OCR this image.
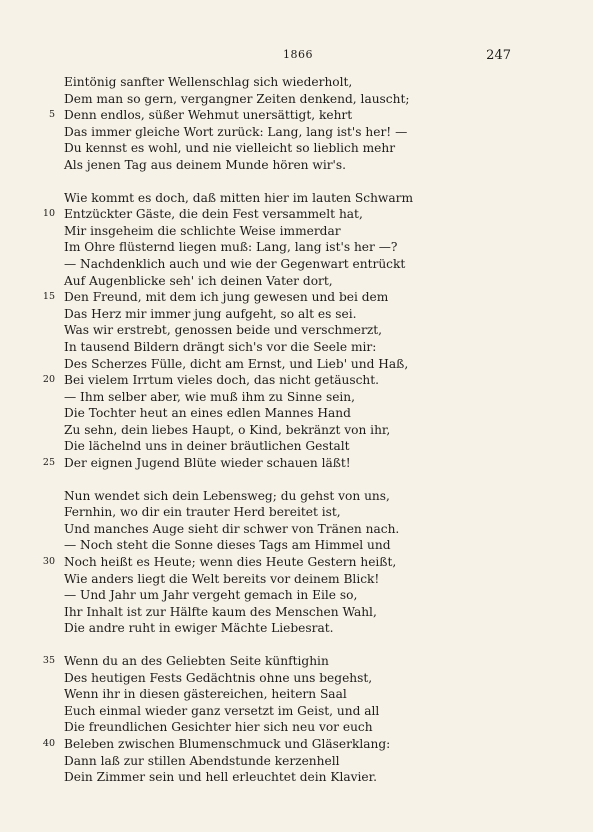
1866	247
Eintönig sanfter Wellenschlag sich wiederholt,
Dem man so gern, vergangner Zeiten denkend, lauscht;
5 Denn endlos, süßer Wehmut unersättigt, kehrt
Das immer gleiche Wort zurück: Lang, lang ist's her! —
Du kennst es wohl, und nie vielleicht so lieblich mehr
Als jenen Tag aus deinem Munde hören wir's.
Wie kommt es doch, daß mitten hier im lauten Schwarm
10 Entzückter Gäste, die dein Fest versammelt hat,
Mir insgeheim die schlichte Weise immerdar
Im Ohre flüsternd liegen muß: Lang, lang ist's her —?
— Nachdenklich auch und wie der Gegenwart entrückt
Auf Augenblicke seh' ich deinen Vater dort,
15 Den Freund, mit dem ich jung gewesen und bei dem
Das Herz mir immer jung aufgeht, so alt es sei.
Was wir erstrebt, genossen beide und verschmerzt,
In tausend Bildern drängt sich's vor die Seele mir:
Des Scherzes Fülle, dicht am Ernst, und Lieb' und Haß,
20 Bei vielem Irrtum vieles doch, das nicht getäuscht.
— Ihm selber aber, wie muß ihm zu Sinne sein,
Die Tochter heut an eines edlen Mannes Hand
Zu sehn, dein liebes Haupt, o Kind, bekränzt von ihr,
Die lächelnd uns in deiner bräutlichen Gestalt
25 Der eignen Jugend Blüte wieder schauen läßt!
Nun wendet sich dein Lebensweg; du gehst von uns,
Fernhin, wo dir ein trauter Herd bereitet ist,
Und manches Auge sieht dir schwer von Tränen nach.
— Noch steht die Sonne dieses Tags am Himmel und
30 Noch heißt es Heute; wenn dies Heute Gestern heißt,
Wie anders liegt die Welt bereits vor deinem Blick!
— Und Jahr um Jahr vergeht gemach in Eile so,
Ihr Inhalt ist zur Hälfte kaum des Menschen Wahl,
Die andre ruht in ewiger Mächte Liebesrat.
35 Wenn du an des Geliebten Seite künftighin
Des heutigen Fests Gedächtnis ohne uns begehst,
Wenn ihr in diesen gästereichen, heitern Saal
Euch einmal wieder ganz versetzt im Geist, und all
Die freundlichen Gesichter hier sich neu vor euch
40 Beleben zwischen Blumenschmuck und Gläserklang:
Dann laß zur stillen Abendstunde kerzenhell
Dein Zimmer sein und hell erleuchtet dein Klavier.
